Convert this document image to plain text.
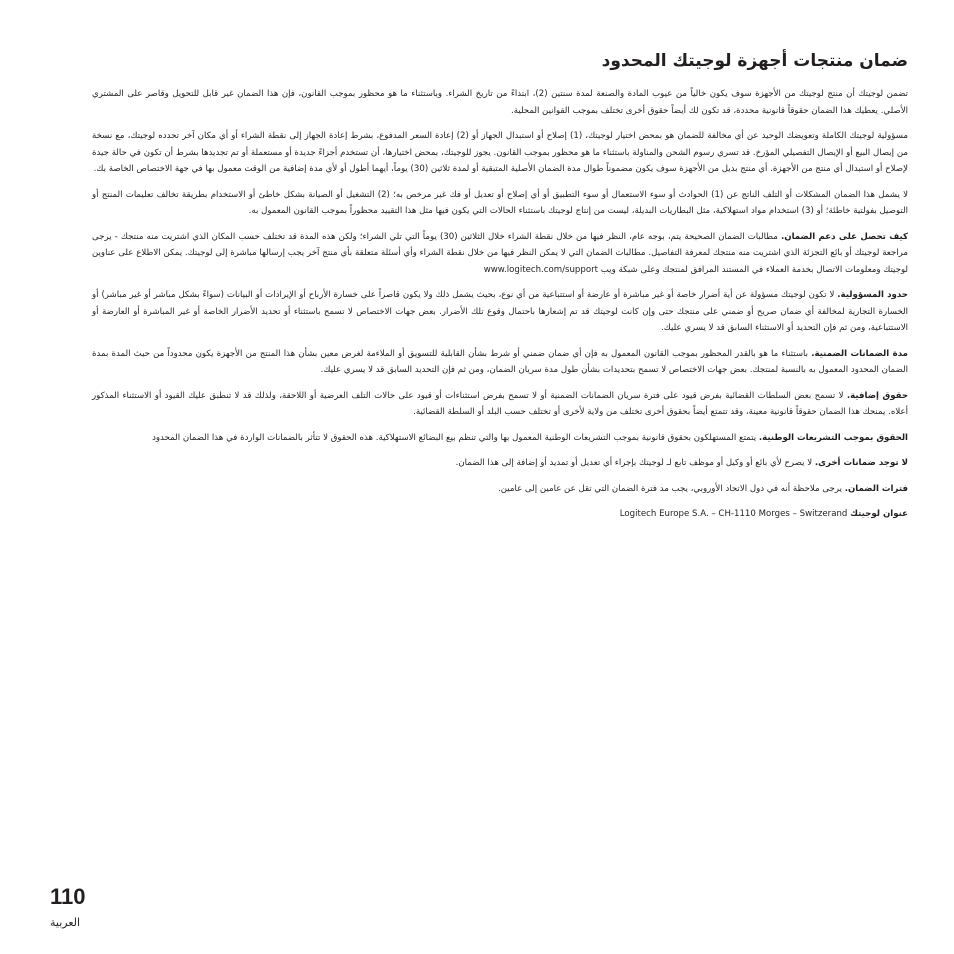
ضمان منتجات أجهزة لوجيتك المحدود

تضمن لوجيتك أن منتج لوجيتك من الأجهزة سوف يكون خالياً من عيوب المادة والصنعة لمدة سنتين (2)، ابتداءً من تاريخ الشراء. وباستثناء ما هو محظور بموجب القانون، فإن هذا الضمان غير قابل للتحويل وقاصر على المشتري الأصلي. يعطيك هذا الضمان حقوقاً قانونية محددة، قد تكون لك أيضاً حقوق أخرى تختلف بموجب القوانين المحلية.

مسؤولية لوجيتك الكاملة وتعويضك الوحيد عن أي مخالفة للضمان هو بمحض اختيار لوجيتك، (1) إصلاح أو استبدال الجهاز أو (2) إعادة السعر المدفوع، بشرط إعادة الجهاز إلى نقطة الشراء أو أي مكان آخر تحدده لوجيتك، مع نسخة من إيصال البيع أو الإيصال التفصيلي المؤرخ. قد تسري رسوم الشحن والمناولة باستثناء ما هو محظور بموجب القانون. يجوز للوجيتك، بمحض اختيارها، أن تستخدم أجزاءً جديدة أو مستعملة أو تم تجديدها بشرط أن تكون في حالة جيدة لإصلاح أو استبدال أي منتج من الأجهزة. أي منتج بديل من الأجهزة سوف يكون مضموناً طوال مدة الضمان الأصلية المتبقية أو لمدة ثلاثين (30) يوماً، أيهما أطول أو لأي مدة إضافية من الوقت معمول بها في جهة الاختصاص الخاصة بك.

لا يشمل هذا الضمان المشكلات أو التلف الناتج عن (1) الحوادث أو سوء الاستعمال أو سوء التطبيق أو أي إصلاح أو تعديل أو فك غير مرخص به؛ (2) التشغيل أو الصيانة بشكل خاطئ أو الاستخدام بطريقة تخالف تعليمات المنتج أو التوصيل بفولتية خاطئة؛ أو (3) استخدام مواد استهلاكية، مثل البطاريات البديلة، ليست من إنتاج لوجيتك باستثناء الحالات التي يكون فيها مثل هذا التقييد محظوراً بموجب القانون المعمول به.

كيف تحصل على دعم الضمان. مطالبات الضمان الصحيحة يتم، بوجه عام، النظر فيها من خلال نقطة الشراء خلال الثلاثين (30) يوماً التي تلي الشراء؛ ولكن هذه المدة قد تختلف حسب المكان الذي اشتريت منه منتجك - يرجى مراجعة لوجيتك أو بائع التجزئة الذي اشتريت منه منتجك لمعرفة التفاصيل. مطالبات الضمان التي لا يمكن النظر فيها من خلال نقطة الشراء وأي أسئلة متعلقة بأي منتج آخر يجب إرسالها مباشرة إلى لوجيتك. يمكن الاطلاع على عناوين لوجيتك ومعلومات الاتصال بخدمة العملاء في المستند المرافق لمنتجك وعلى شبكة ويب www.logitech.com/support

حدود المسؤولية. لا تكون لوجيتك مسؤولة عن أية أضرار خاصة أو غير مباشرة أو عارضة أو استتباعية من أي نوع، بحيث يشمل ذلك ولا يكون قاصراً على خسارة الأرباح أو الإيرادات أو البيانات (سواءً بشكل مباشر أو غير مباشر) أو الخسارة التجارية لمخالفة أي ضمان صريح أو ضمني على منتجك حتى وإن كانت لوجيتك قد تم إشعارها باحتمال وقوع تلك الأضرار. بعض جهات الاختصاص لا تسمح باستثناء أو تحديد الأضرار الخاصة أو غير المباشرة أو العارضة أو الاستتباعية، ومن ثم فإن التحديد أو الاستثناء السابق قد لا يسري عليك.

مدة الضمانات الضمنية. باستثناء ما هو بالقدر المحظور بموجب القانون المعمول به فإن أي ضمان ضمني أو شرط بشأن القابلية للتسويق أو الملاءمة لغرض معين بشأن هذا المنتج من الأجهزة يكون محدوداً من حيث المدة بمدة الضمان المحدود المعمول به بالنسبة لمنتجك. بعض جهات الاختصاص لا تسمح بتحديدات بشأن طول مدة سريان الضمان، ومن ثم فإن التحديد السابق قد لا يسري عليك.

حقوق إضافية. لا تسمح بعض السلطات القضائية بفرض قيود على فترة سريان الضمانات الضمنية أو لا تسمح بفرض استثناءات أو قيود على حالات التلف العرضية أو اللاحقة، ولذلك قد لا تنطبق عليك القيود أو الاستثناء المذكور أعلاه. يمنحك هذا الضمان حقوقاً قانونية معينة، وقد تتمتع أيضاً بحقوق أخرى تختلف من ولاية لأخرى أو تختلف حسب البلد أو السلطة القضائية.

الحقوق بموجب التشريعات الوطنية. يتمتع المستهلكون بحقوق قانونية بموجب التشريعات الوطنية المعمول بها والتي تنظم بيع البضائع الاستهلاكية. هذه الحقوق لا تتأثر بالضمانات الواردة في هذا الضمان المحدود

لا توجد ضمانات أخرى. لا يصرح لأي بائع أو وكيل أو موظف تابع لـ لوجيتك بإجراء أي تعديل أو تمديد أو إضافة إلى هذا الضمان.

فترات الضمان. يرجى ملاحظة أنه في دول الاتحاد الأوروبي، يجب مد فترة الضمان التي تقل عن عامين إلى عامين.

عنوان لوجيتك Logitech Europe S.A. – CH-1110 Morges – Switzerand

110
العربية
